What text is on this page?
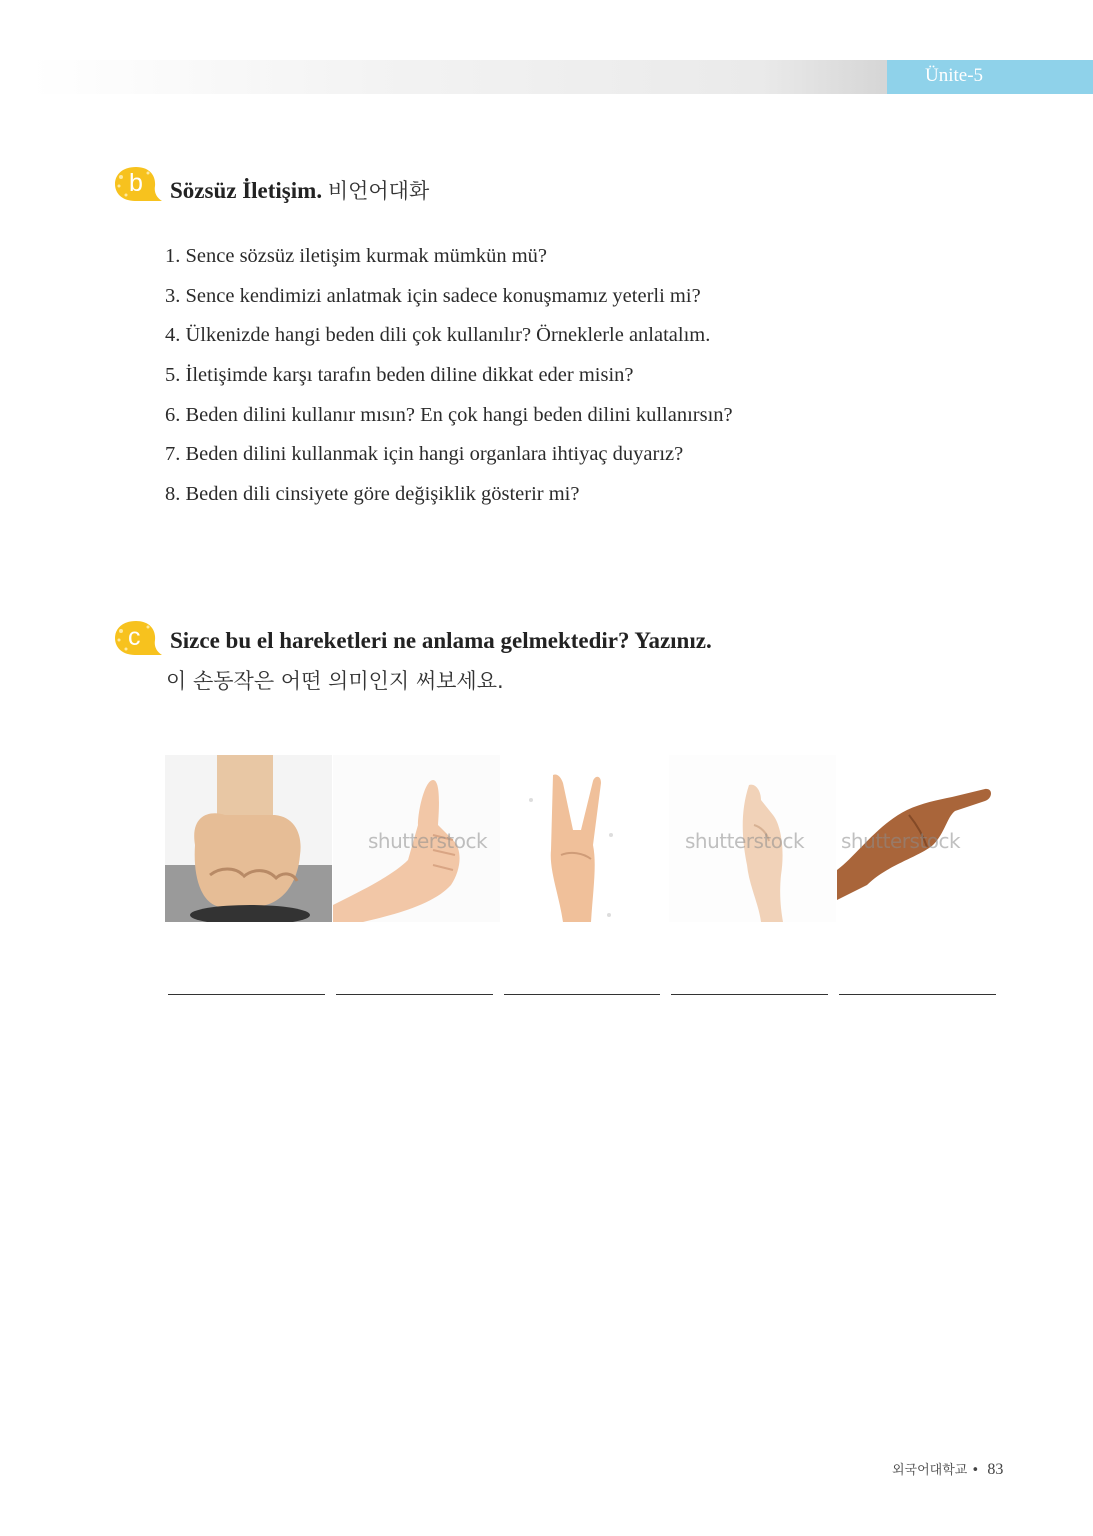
Ünite-5
b Sözsüz İletişim. 비언어대화
1. Sence sözsüz iletişim kurmak mümkün mü?
3. Sence kendimizi anlatmak için sadece konuşmamız yeterli mi?
4. Ülkenizde hangi beden dili çok kullanılır? Örneklerle anlatalım.
5. İletişimde karşı tarafın beden diline dikkat eder misin?
6. Beden dilini kullanır mısın? En çok hangi beden dilini kullanırsın?
7. Beden dilini kullanmak için hangi organlara ihtiyaç duyarız?
8. Beden dili cinsiyete göre değişiklik gösterir mi?
c Sizce bu el hareketleri ne anlama gelmektedir? Yazınız.
이 손동작은 어떤 의미인지 써보세요.
shutterstock	shutterstock shutterstock
외국어대학교 • 83
